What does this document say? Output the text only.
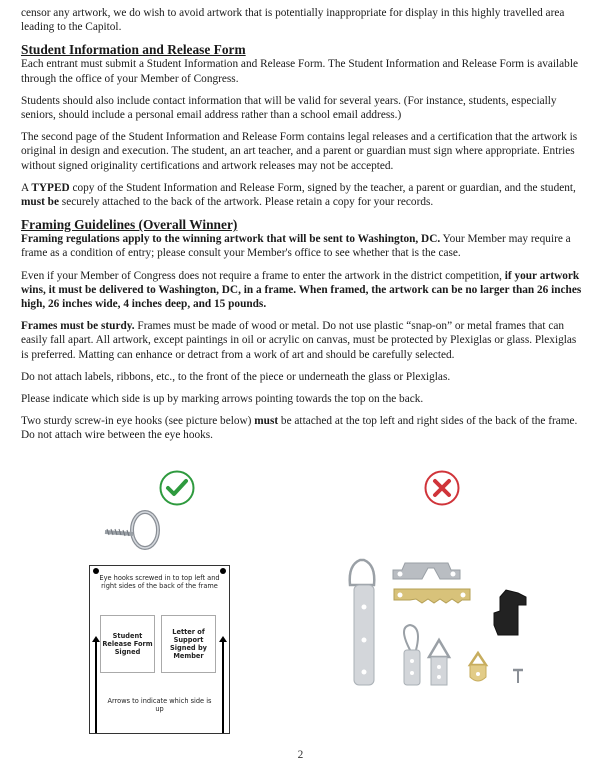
censor any artwork, we do wish to avoid artwork that is potentially inappropriate for display in this highly travelled area leading to the Capitol.

Student Information and Release Form

Each entrant must submit a Student Information and Release Form. The Student Information and Release Form is available through the office of your Member of Congress.

Students should also include contact information that will be valid for several years. (For instance, students, especially seniors, should include a personal email address rather than a school email address.)

The second page of the Student Information and Release Form contains legal releases and a certification that the artwork is original in design and execution. The student, an art teacher, and a parent or guardian must sign where appropriate. Entries without signed originality certifications and artwork releases may not be accepted.

A TYPED copy of the Student Information and Release Form, signed by the teacher, a parent or guardian, and the student, must be securely attached to the back of the artwork. Please retain a copy for your records.

Framing Guidelines (Overall Winner)

Framing regulations apply to the winning artwork that will be sent to Washington, DC. Your Member may require a frame as a condition of entry; please consult your Member's office to see whether that is the case.

Even if your Member of Congress does not require a frame to enter the artwork in the district competition, if your artwork wins, it must be delivered to Washington, DC, in a frame. When framed, the artwork can be no larger than 26 inches high, 26 inches wide, 4 inches deep, and 15 pounds.

Frames must be sturdy. Frames must be made of wood or metal. Do not use plastic “snap-on” or metal frames that can easily fall apart. All artwork, except paintings in oil or acrylic on canvas, must be protected by Plexiglas or glass. Plexiglas is preferred. Matting can enhance or detract from a work of art and should be carefully selected.

Do not attach labels, ribbons, etc., to the front of the piece or underneath the glass or Plexiglas.

Please indicate which side is up by marking arrows pointing towards the top on the back.

Two sturdy screw-in eye hooks (see picture below) must be attached at the top left and right sides of the back of the frame. Do not attach wire between the eye hooks.

Eye hooks screwed in to top left and right sides of the back of the frame
Student Release Form Signed
Letter of Support Signed by Member
Arrows to indicate which side is up
2
